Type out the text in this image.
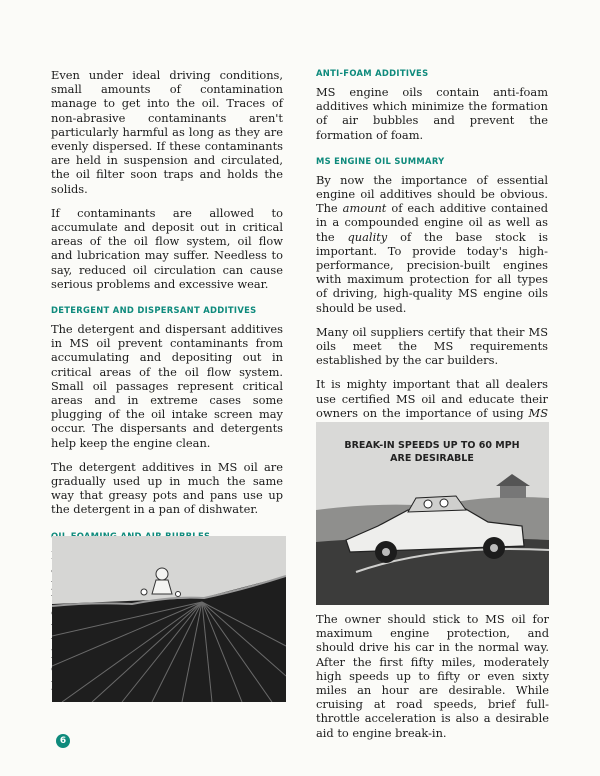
Even under ideal driving conditions, small amounts of contamination manage to get into the oil. Traces of non-abrasive contaminants aren't particularly harmful as long as they are evenly dispersed. If these contaminants are held in suspension and circulated, the oil filter soon traps and holds the solids.

If contaminants are allowed to accumulate and deposit out in critical areas of the oil flow system, oil flow and lubrication may suffer. Needless to say, reduced oil circulation can cause serious problems and excessive wear.

DETERGENT AND DISPERSANT ADDITIVES

The detergent and dispersant additives in MS oil prevent contaminants from accumulating and depositing out in critical areas of the oil flow system. Small oil passages represent critical areas and in extreme cases some plugging of the oil intake screen may occur. The dispersants and detergents help keep the engine clean.

The detergent additives in MS oil are gradually used up in much the same way that greasy pots and pans use up the detergent in a pan of dishwater.

ANTI-FOAM ADDITIVES

MS engine oils contain anti-foam additives which minimize the formation of air bubbles and prevent the formation of foam.

MS ENGINE OIL SUMMARY

By now the importance of essential engine oil additives should be obvious. The amount of each additive contained in a compounded engine oil as well as the quality of the base stock is important. To provide today's high-performance, precision-built engines with maximum protection for all types of driving, high-quality MS engine oils should be used.

Many oil suppliers certify that their MS oils meet the MS requirements established by the car builders.

It is mighty important that all dealers use certified MS oil and educate their owners on the importance of using MS

BREAK-IN SPEEDS UP TO 60 MPH
ARE DESIRABLE

The owner should stick to MS oil for maximum engine protection, and should drive his car in the normal way. After the first fifty miles, moderately high speeds up to fifty or even sixty miles an hour are desirable. While cruising at road speeds, brief full-throttle acceleration is also a desirable aid to engine break-in.

6
